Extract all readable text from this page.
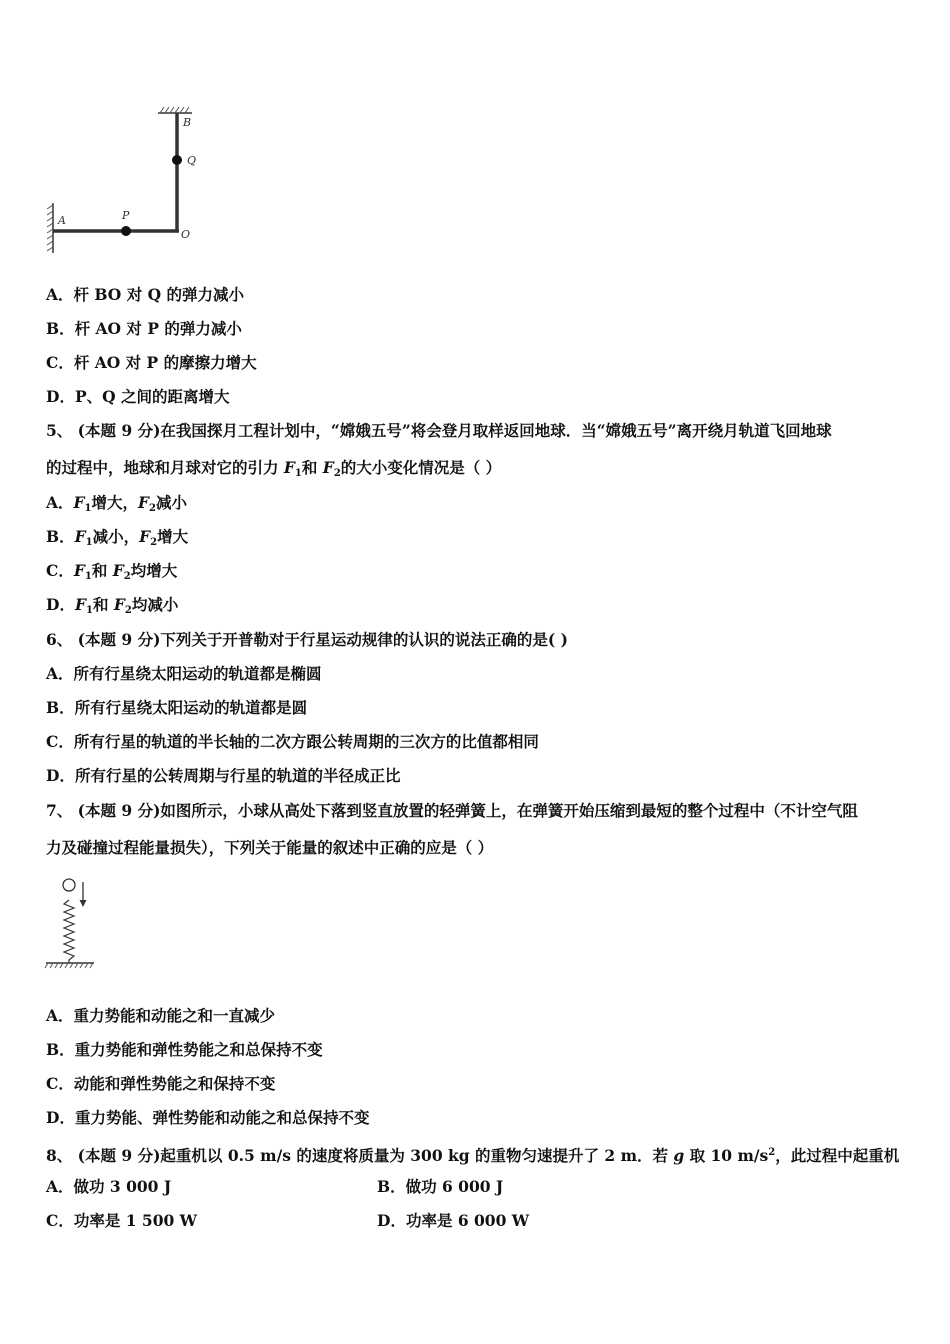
B
Q
A	P
O
A．杆 BO 对 Q 的弹力减小
B．杆 AO 对 P 的弹力减小
C．杆 AO 对 P 的摩擦力增大
D．P、Q 之间的距离增大
5、 (本题 9 分)在我国探月工程计划中，“嫦娥五号”将会登月取样返回地球．当“嫦娥五号”离开绕月轨道飞回地球
的过程中，地球和月球对它的引力 $F_1$和 $F_2$的大小变化情况是（ ）
A．$F_1$增大，$F_2$减小
B．$F_1$减小，$F_2$增大
C．$F_1$和 $F_2$均增大
D．$F_1$和 $F_2$均减小
6、 (本题 9 分)下列关于开普勒对于行星运动规律的认识的说法正确的是( )
A．所有行星绕太阳运动的轨道都是椭圆
B．所有行星绕太阳运动的轨道都是圆
C．所有行星的轨道的半长轴的二次方跟公转周期的三次方的比值都相同
D．所有行星的公转周期与行星的轨道的半径成正比
7、 (本题 9 分)如图所示，小球从高处下落到竖直放置的轻弹簧上，在弹簧开始压缩到最短的整个过程中（不计空气阻
力及碰撞过程能量损失），下列关于能量的叙述中正确的应是（ ）
A．重力势能和动能之和一直减少
B．重力势能和弹性势能之和总保持不变
C．动能和弹性势能之和保持不变
D．重力势能、弹性势能和动能之和总保持不变
8、 (本题 9 分)起重机以 0.5 m/s 的速度将质量为 300 kg 的重物匀速提升了 2 m．若 g 取 10 $m/s^2$，此过程中起重机
A．做功 3 000 J	B．做功 6 000 J
C．功率是 1 500 W	D．功率是 6 000 W
